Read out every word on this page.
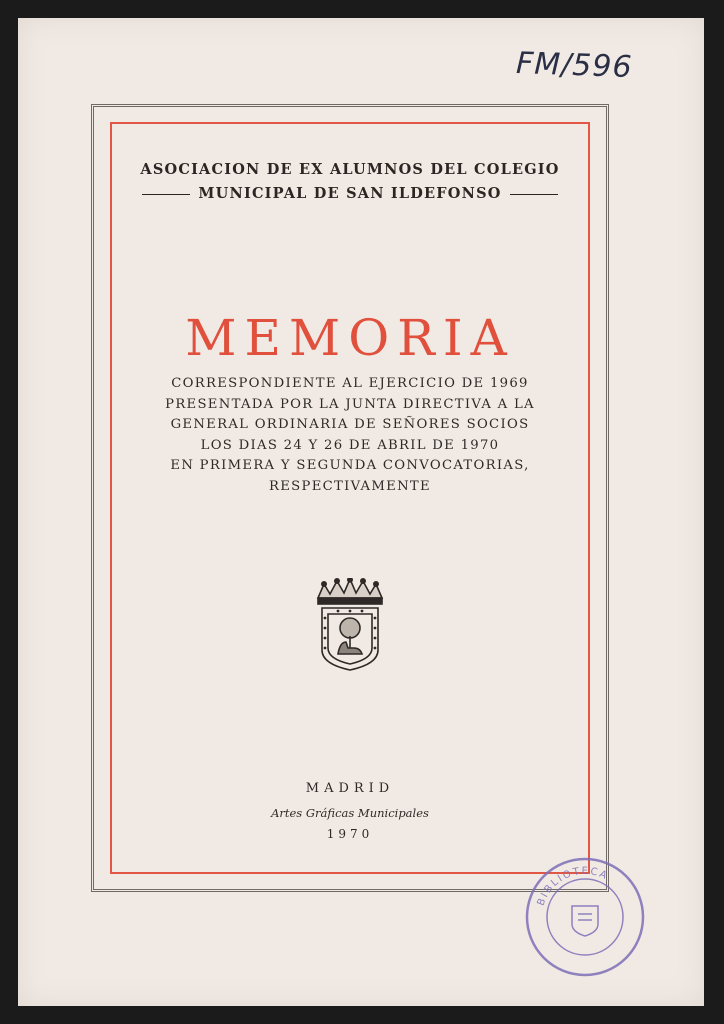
FM/596
ASOCIACION DE EX ALUMNOS DEL COLEGIO
MUNICIPAL DE SAN ILDEFONSO
MEMORIA
CORRESPONDIENTE AL EJERCICIO DE 1969
PRESENTADA POR LA JUNTA DIRECTIVA A LA
GENERAL ORDINARIA DE SEÑORES SOCIOS
LOS DIAS 24 Y 26 DE ABRIL DE 1970
EN PRIMERA Y SEGUNDA CONVOCATORIAS,
RESPECTIVAMENTE
MADRID
Artes Gráficas Municipales
1970
BIBLIOTECA
